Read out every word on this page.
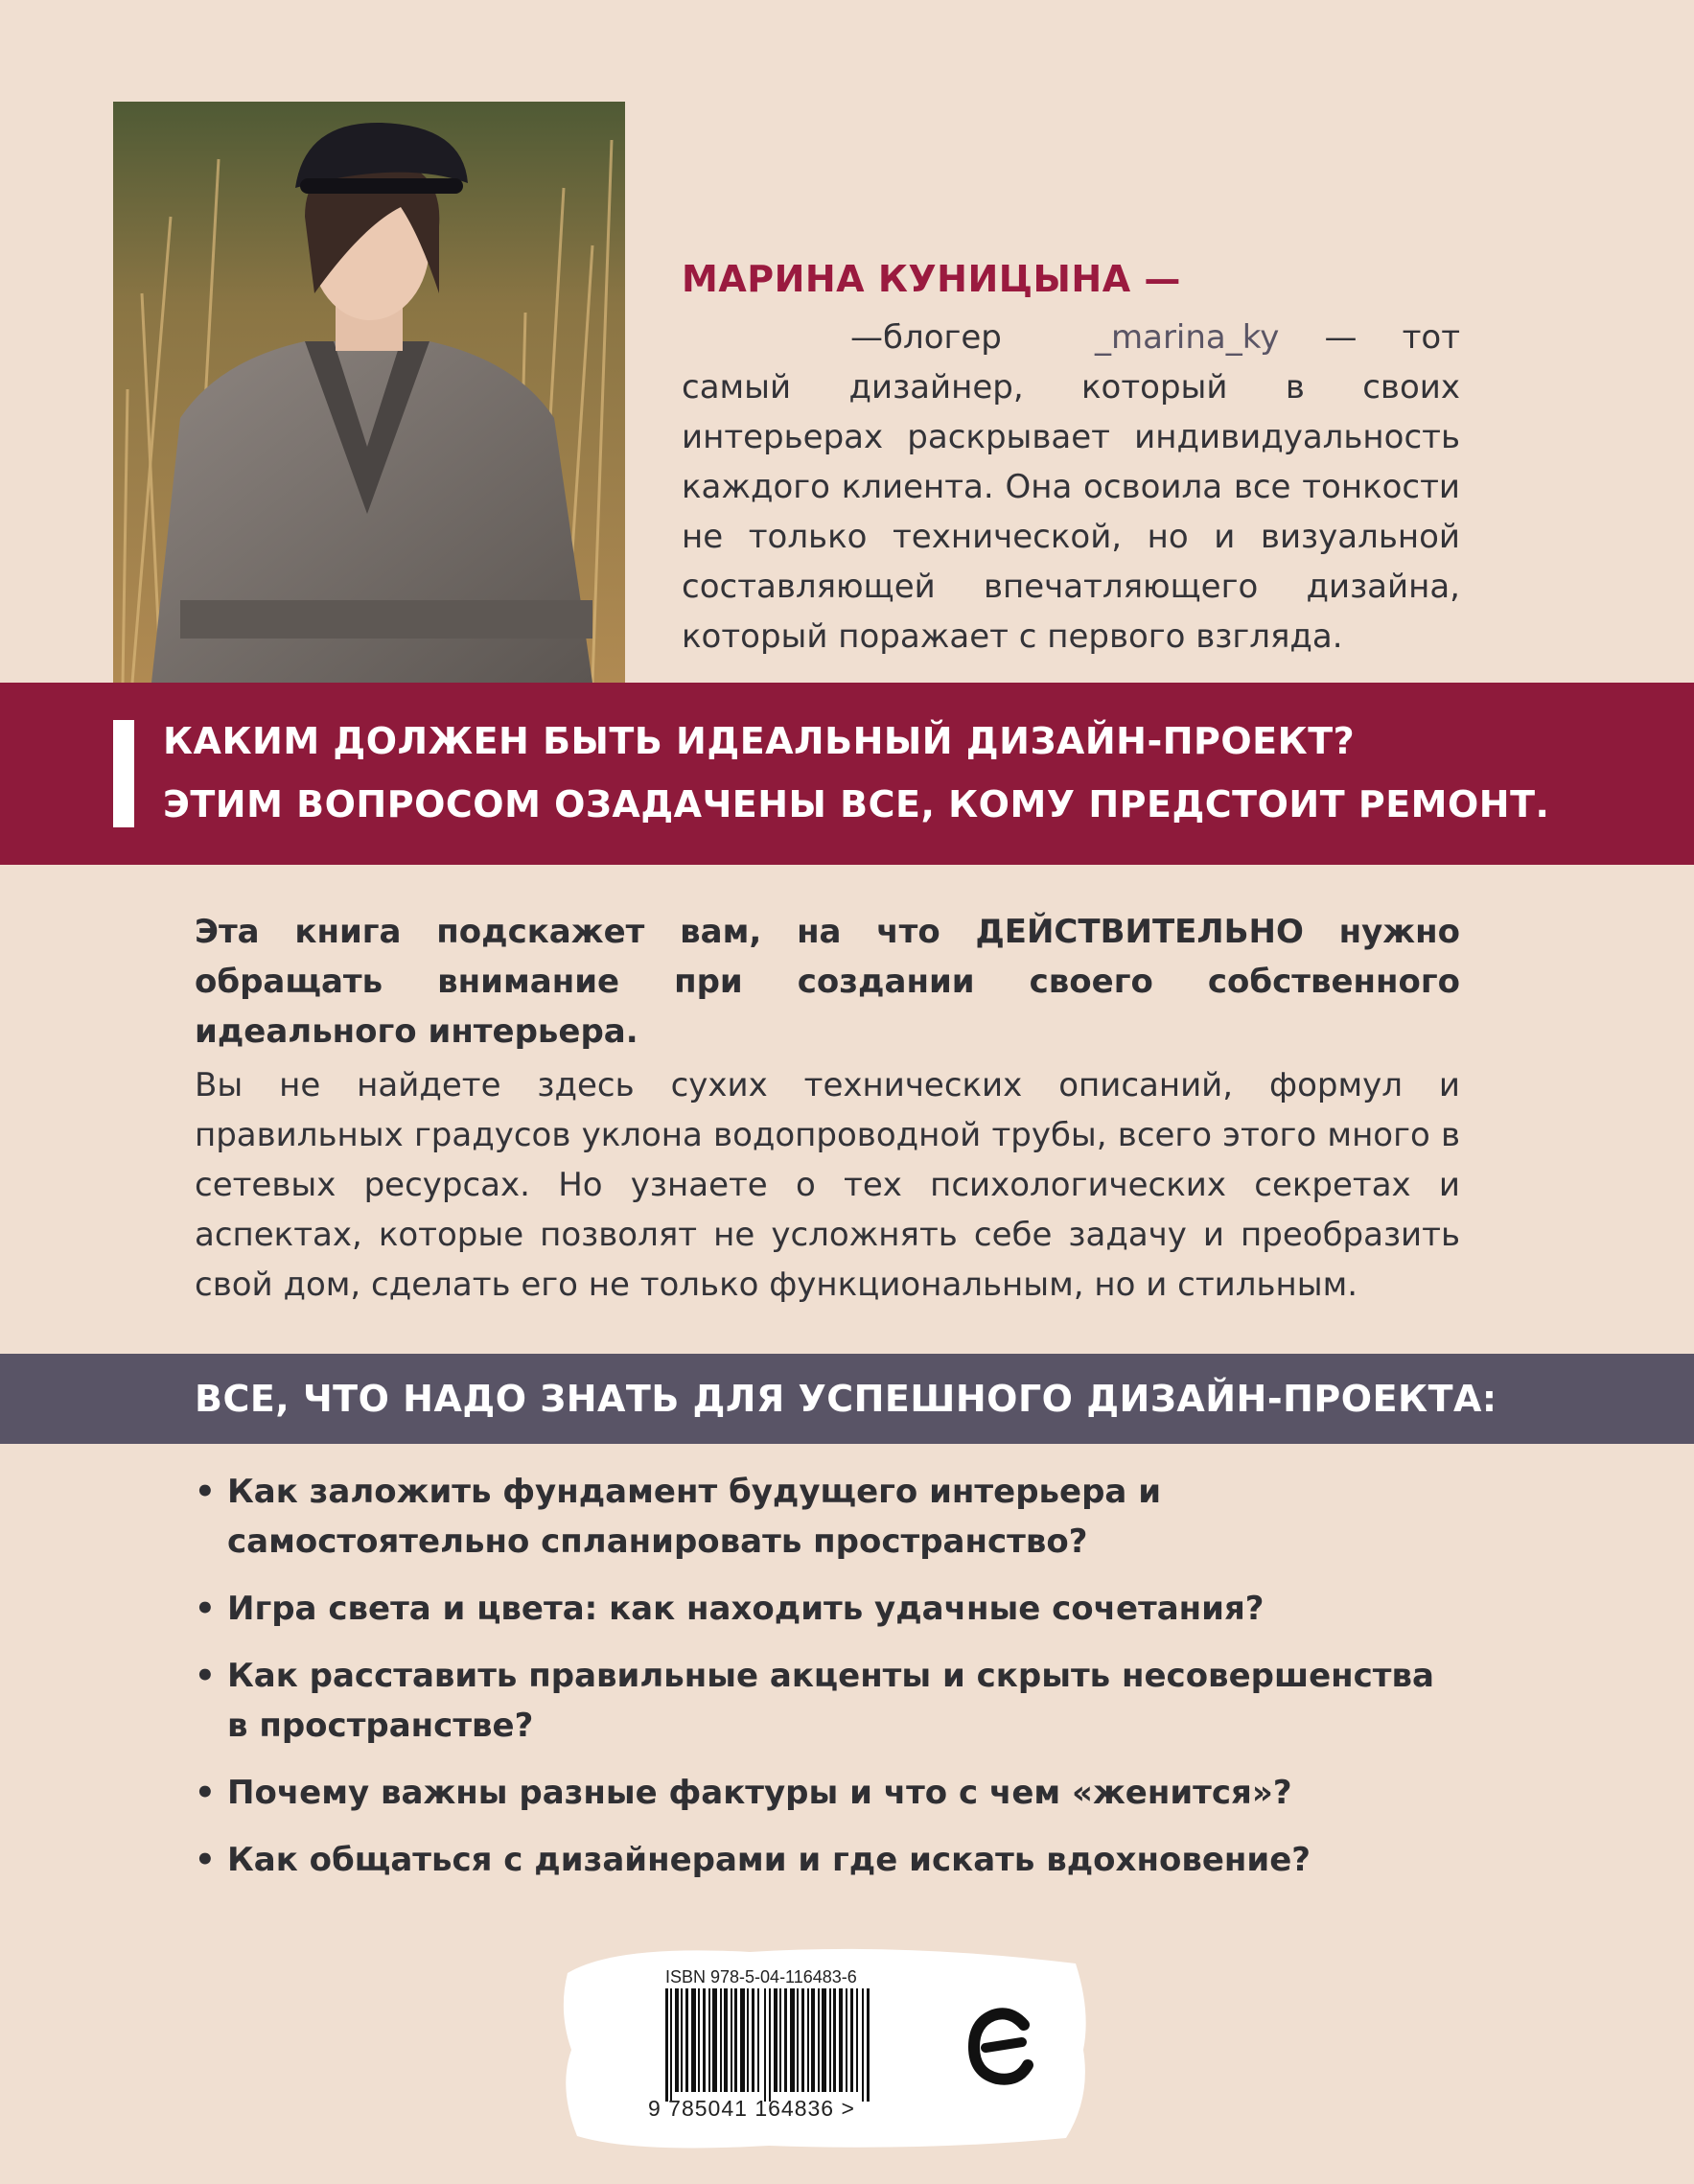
МАРИНА КУНИЦЫНА —
—блогер	_marina_ky — тот самый дизайнер, который в своих интерьерах раскрывает индивидуальность каждого клиента. Она освоила все тонкости не только технической, но и визуальной составляющей впечатляющего дизайна, который поражает с первого взгляда.
КАКИМ ДОЛЖЕН БЫТЬ ИДЕАЛЬНЫЙ ДИЗАЙН-ПРОЕКТ?
ЭТИМ ВОПРОСОМ ОЗАДАЧЕНЫ ВСЕ, КОМУ ПРЕДСТОИТ РЕМОНТ.
Эта книга подскажет вам, на что ДЕЙСТВИТЕЛЬНО нужно обращать внимание при создании своего собственного идеального интерьера.
Вы не найдете здесь сухих технических описаний, формул и правильных градусов уклона водопроводной трубы, всего этого много в сетевых ресурсах. Но узнаете о тех психологических секретах и аспектах, которые позволят не усложнять себе задачу и преобразить свой дом, сделать его не только функциональным, но и стильным.
ВСЕ, ЧТО НАДО ЗНАТЬ ДЛЯ УСПЕШНОГО ДИЗАЙН-ПРОЕКТА:
• Как заложить фундамент будущего интерьера и самостоятельно спланировать пространство?
• Игра света и цвета: как находить удачные сочетания?
• Как расставить правильные акценты и скрыть несовершенства в пространстве?
• Почему важны разные фактуры и что с чем «женится»?
• Как общаться с дизайнерами и где искать вдохновение?
ISBN 978-5-04-116483-6
9 785041 164836 >
